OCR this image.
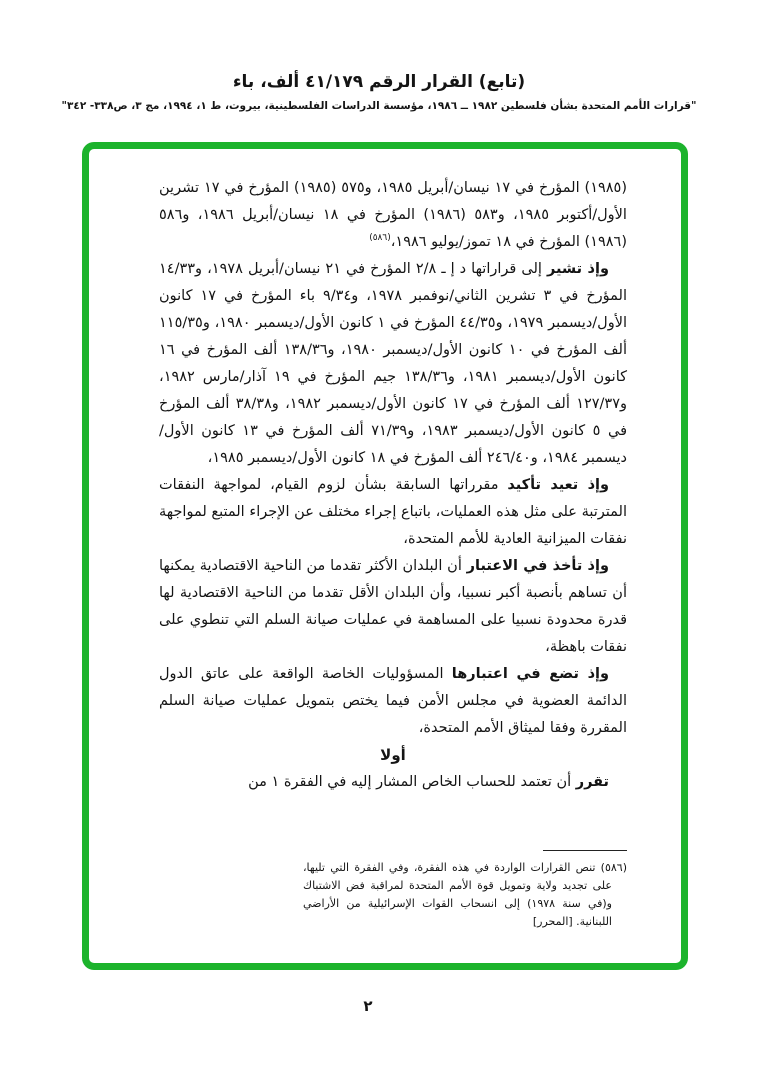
(تابع) القرار الرقم ٤١/١٧٩ ألف، باء
"قرارات الأمم المتحدة بشأن فلسطين ١٩٨٢ ــ ١٩٨٦، مؤسسة الدراسات الفلسطينية، بيروت، ط ١، ١٩٩٤، مج ٣، ص٣٣٨- ٣٤٢"

(١٩٨٥) المؤرخ في ١٧ نيسان/أبريل ١٩٨٥، و٥٧٥ (١٩٨٥) المؤرخ في ١٧ تشرين الأول/أكتوبر ١٩٨٥، و٥٨٣ (١٩٨٦) المؤرخ في ١٨ نيسان/أبريل ١٩٨٦، و٥٨٦ (١٩٨٦) المؤرخ في ١٨ تموز/يوليو ١٩٨٦،$^{(٥٨٦)}$

وإذ تشير إلى قراراتها د إ ـ ٢/٨ المؤرخ في ٢١ نيسان/أبريل ١٩٧٨، و١٤/٣٣ المؤرخ في ٣ تشرين الثاني/نوفمبر ١٩٧٨، و٩/٣٤ باء المؤرخ في ١٧ كانون الأول/ديسمبر ١٩٧٩، و٤٤/٣٥ المؤرخ في ١ كانون الأول/ديسمبر ١٩٨٠، و١١٥/٣٥ ألف المؤرخ في ١٠ كانون الأول/ديسمبر ١٩٨٠، و١٣٨/٣٦ ألف المؤرخ في ١٦ كانون الأول/ديسمبر ١٩٨١، و١٣٨/٣٦ جيم المؤرخ في ١٩ آذار/مارس ١٩٨٢، و١٢٧/٣٧ ألف المؤرخ في ١٧ كانون الأول/ديسمبر ١٩٨٢، و٣٨/٣٨ ألف المؤرخ في ٥ كانون الأول/ديسمبر ١٩٨٣، و٧١/٣٩ ألف المؤرخ في ١٣ كانون الأول/ديسمبر ١٩٨٤، و٢٤٦/٤٠ ألف المؤرخ في ١٨ كانون الأول/ديسمبر ١٩٨٥،

وإذ تعيد تأكيد مقرراتها السابقة بشأن لزوم القيام، لمواجهة النفقات المترتبة على مثل هذه العمليات، باتباع إجراء مختلف عن الإجراء المتبع لمواجهة نفقات الميزانية العادية للأمم المتحدة،

وإذ تأخذ في الاعتبار أن البلدان الأكثر تقدما من الناحية الاقتصادية يمكنها أن تساهم بأنصبة أكبر نسبيا، وأن البلدان الأقل تقدما من الناحية الاقتصادية لها قدرة محدودة نسبيا على المساهمة في عمليات صيانة السلم التي تنطوي على نفقات باهظة،

وإذ تضع في اعتبارها المسؤوليات الخاصة الواقعة على عاتق الدول الدائمة العضوية في مجلس الأمن فيما يختص بتمويل عمليات صيانة السلم المقررة وفقا لميثاق الأمم المتحدة،

أولا

تقرر أن تعتمد للحساب الخاص المشار إليه في الفقرة ١ من

(٥٨٦) تنص القرارات الواردة في هذه الفقرة، وفي الفقرة التي تليها، على تجديد ولاية وتمويل قوة الأمم المتحدة لمراقبة فض الاشتباك و(في سنة ١٩٧٨) إلى انسحاب القوات الإسرائيلية من الأراضي اللبنانية. [المحرر]

٢
